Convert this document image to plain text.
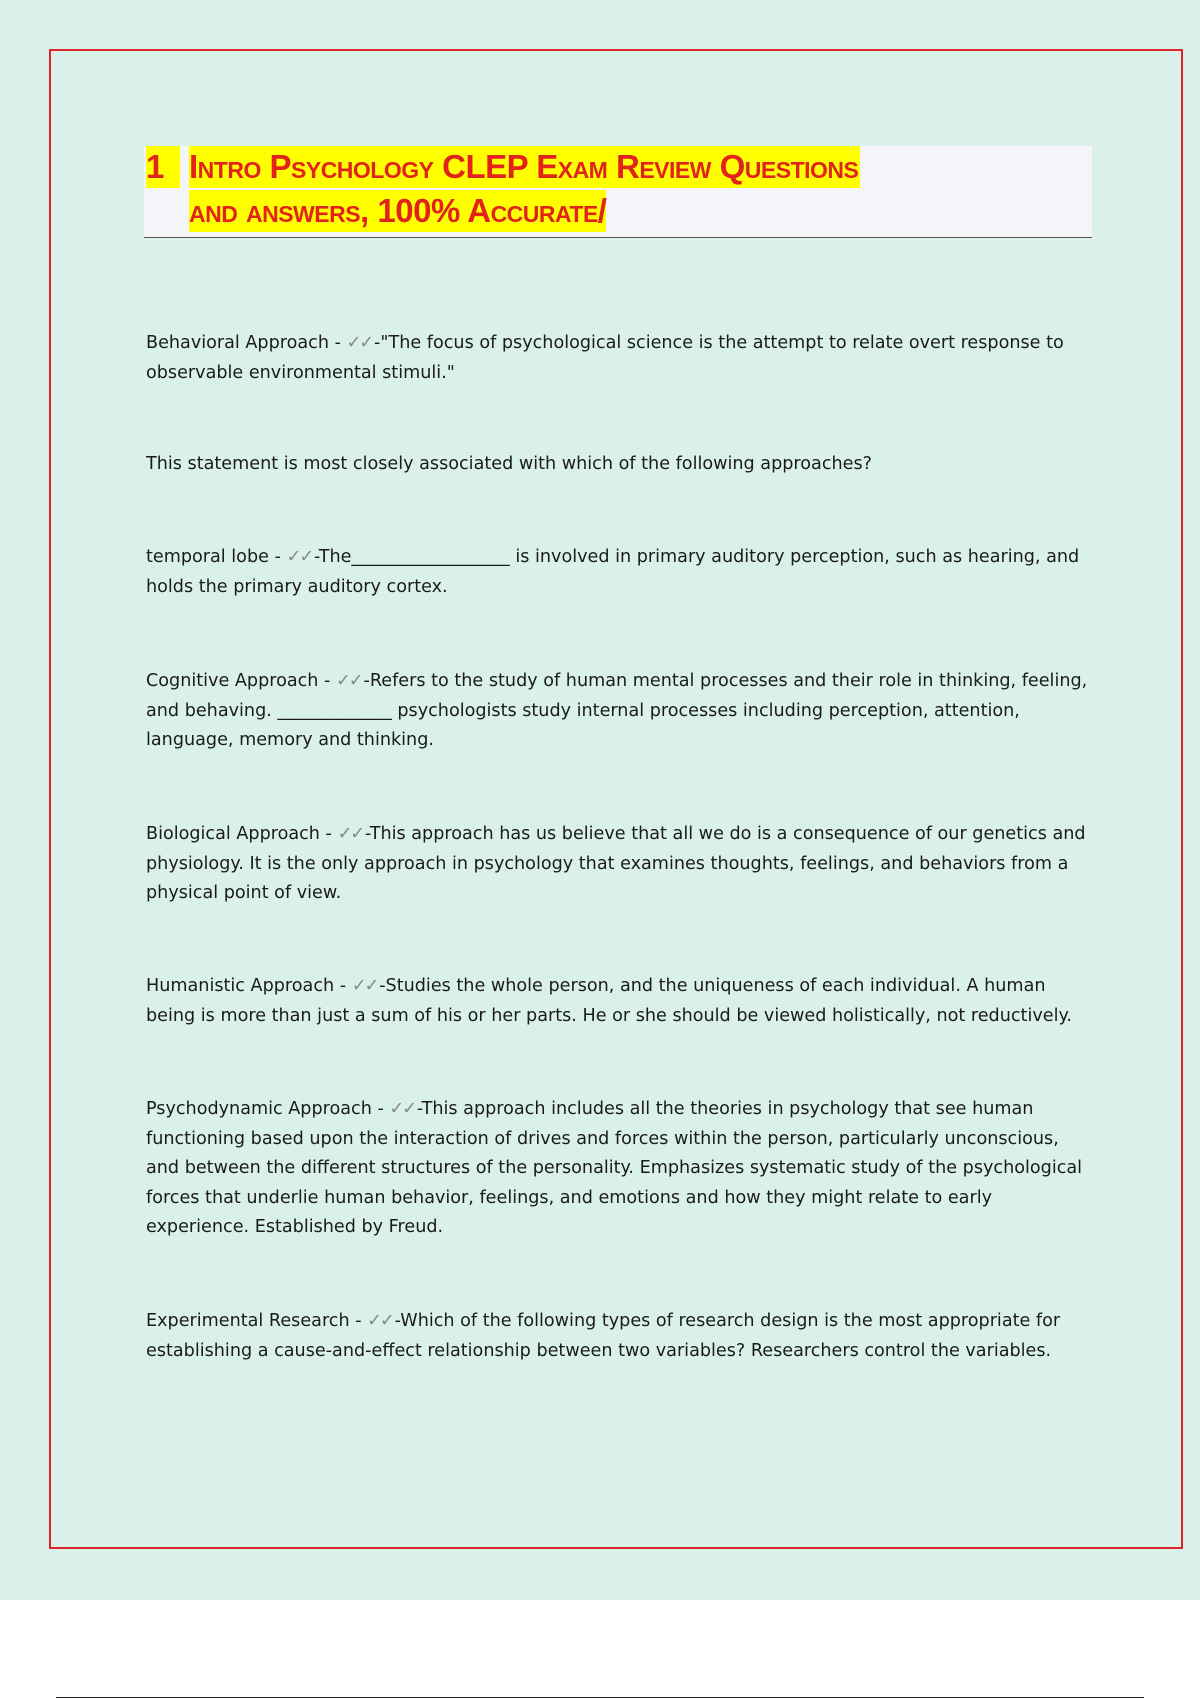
1 Intro Psychology CLEP Exam Review Questions
and answers, 100% Accurate/

Behavioral Approach - ✓✓ -"The focus of psychological science is the attempt to relate overt response to observable environmental stimuli."

This statement is most closely associated with which of the following approaches?

temporal lobe - ✓✓ -The__________________ is involved in primary auditory perception, such as hearing, and holds the primary auditory cortex.

Cognitive Approach - ✓✓ -Refers to the study of human mental processes and their role in thinking, feeling, and behaving. _____________ psychologists study internal processes including perception, attention, language, memory and thinking.

Biological Approach - ✓✓ -This approach has us believe that all we do is a consequence of our genetics and physiology. It is the only approach in psychology that examines thoughts, feelings, and behaviors from a physical point of view.

Humanistic Approach - ✓✓ -Studies the whole person, and the uniqueness of each individual. A human being is more than just a sum of his or her parts. He or she should be viewed holistically, not reductively.

Psychodynamic Approach - ✓✓ -This approach includes all the theories in psychology that see human functioning based upon the interaction of drives and forces within the person, particularly unconscious, and between the different structures of the personality. Emphasizes systematic study of the psychological forces that underlie human behavior, feelings, and emotions and how they might relate to early experience. Established by Freud.

Experimental Research - ✓✓ -Which of the following types of research design is the most appropriate for establishing a cause-and-effect relationship between two variables? Researchers control the variables.
